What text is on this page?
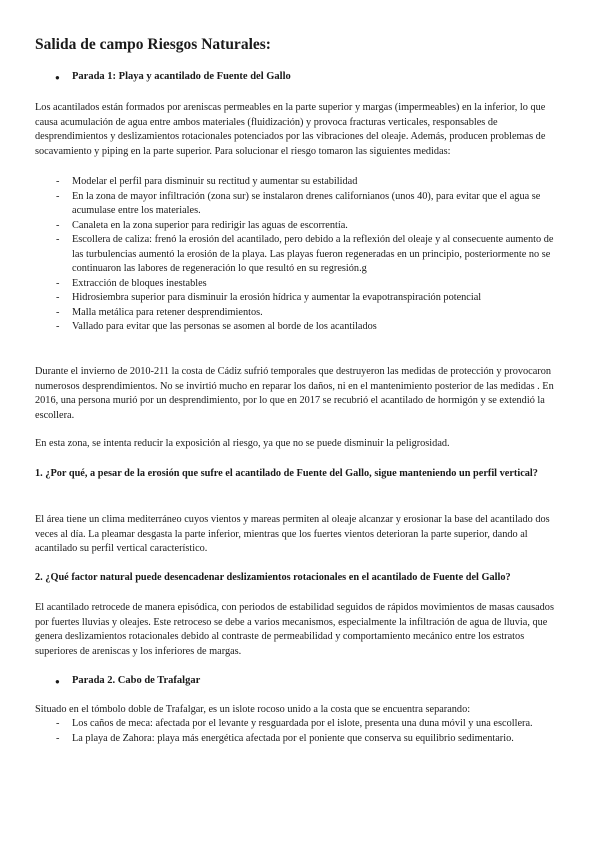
Salida de campo Riesgos Naturales:
●	Parada 1: Playa y acantilado de Fuente del Gallo

Los acantilados están formados por areniscas permeables en la parte superior y margas (impermeables) en la inferior, lo que causa acumulación de agua entre ambos materiales (fluidización) y provoca fracturas verticales, responsables de desprendimientos y deslizamientos rotacionales potenciados por las vibraciones del oleaje. Además, producen problemas de socavamiento y piping en la parte superior. Para solucionar el riesgo tomaron las siguientes medidas:

-	Modelar el perfil para disminuir su rectitud y aumentar su estabilidad
-	En la zona de mayor infiltración (zona sur) se instalaron drenes californianos (unos 40), para evitar que el agua se acumulase entre los materiales.
-	Canaleta en la zona superior para redirigir las aguas de escorrentía.
-	Escollera de caliza: frenó la erosión del acantilado, pero debido a la reflexión del oleaje y al consecuente aumento de las turbulencias aumentó la erosión de la playa. Las playas fueron regeneradas en un principio, posteriormente no se continuaron las labores de regeneración lo que resultó en su regresión.g
-	Extracción de bloques inestables
-	Hidrosiembra superior para disminuir la erosión hídrica y aumentar la evapotranspiración potencial
-	Malla metálica para retener desprendimientos.
-	Vallado para evitar que las personas se asomen al borde de los acantilados

Durante el invierno de 2010-211 la costa de Cádiz sufrió temporales que destruyeron las medidas de protección y provocaron numerosos desprendimientos. No se invirtió mucho en reparar los daños, ni en el mantenimiento posterior de las medidas . En 2016, una persona murió por un desprendimiento, por lo que en 2017 se recubrió el acantilado de hormigón y se extendió la escollera.

En esta zona, se intenta reducir la exposición al riesgo, ya que no se puede disminuir la peligrosidad.

1. ¿Por qué, a pesar de la erosión que sufre el acantilado de Fuente del Gallo, sigue manteniendo un perfil vertical?

El área tiene un clima mediterráneo cuyos vientos y mareas permiten al oleaje alcanzar y erosionar la base del acantilado dos veces al día. La pleamar desgasta la parte inferior, mientras que los fuertes vientos deterioran la parte superior, dando al acantilado su perfil vertical característico.

2. ¿Qué factor natural puede desencadenar deslizamientos rotacionales en el acantilado de Fuente del Gallo?

El acantilado retrocede de manera episódica, con periodos de estabilidad seguidos de rápidos movimientos de masas causados por fuertes lluvias y oleajes. Este retroceso se debe a varios mecanismos, especialmente la infiltración de agua de lluvia, que genera deslizamientos rotacionales debido al contraste de permeabilidad y comportamiento mecánico entre los estratos superiores de areniscas y los inferiores de margas.

●	Parada 2. Cabo de Trafalgar

Situado en el tómbolo doble de Trafalgar, es un islote rocoso unido a la costa que se encuentra separando:

-	Los caños de meca: afectada por el levante y resguardada por el islote, presenta una duna móvil y una escollera.
-	La playa de Zahora: playa más energética afectada por el poniente que conserva su equilibrio sedimentario.
